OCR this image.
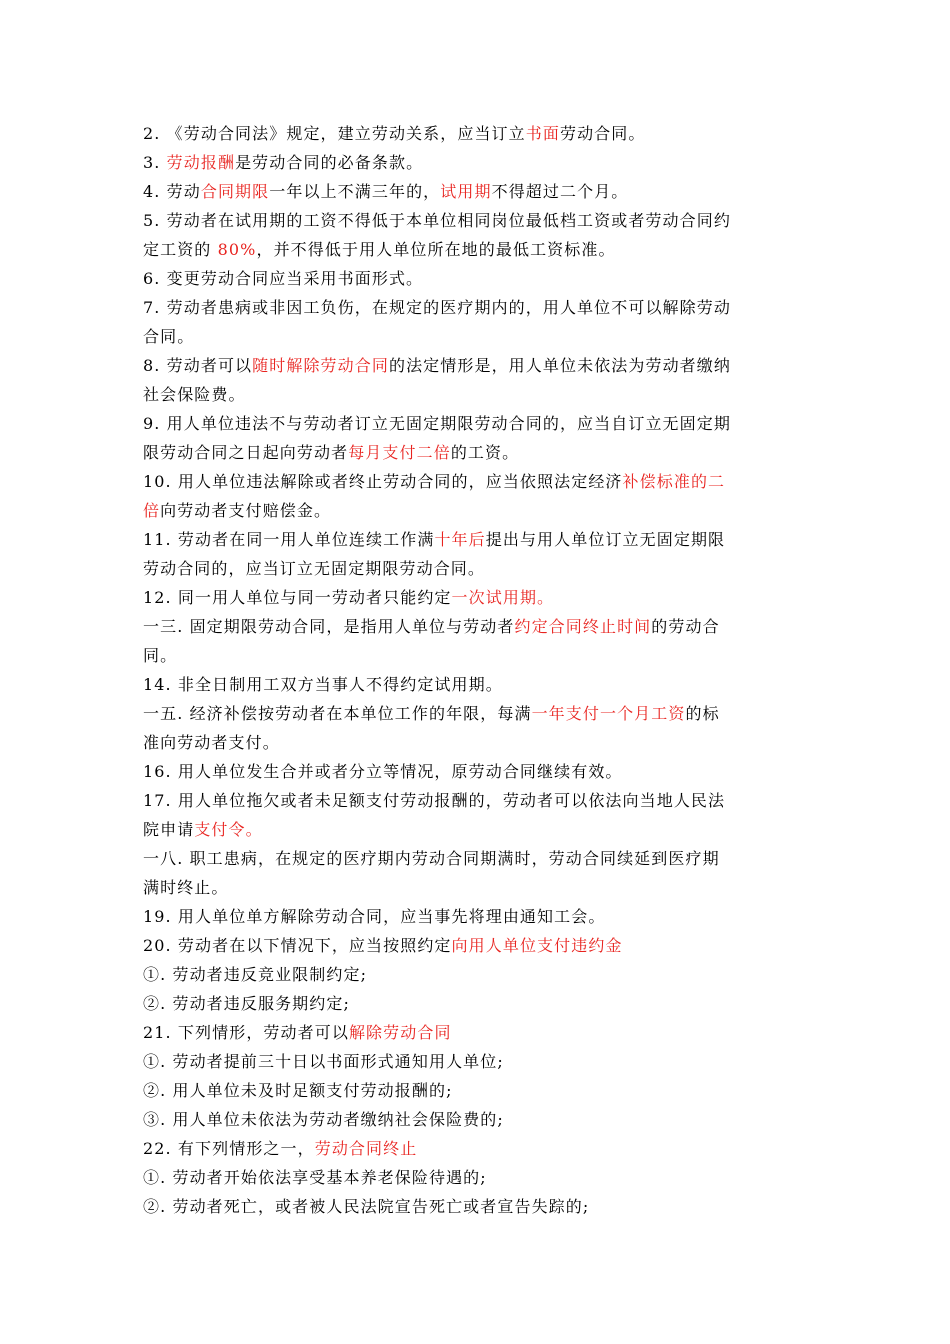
2. 《劳动合同法》规定，建立劳动关系，应当订立书面劳动合同。
3. 劳动报酬是劳动合同的必备条款。
4. 劳动合同期限一年以上不满三年的，试用期不得超过二个月。
5. 劳动者在试用期的工资不得低于本单位相同岗位最低档工资或者劳动合同约
定工资的 80%，并不得低于用人单位所在地的最低工资标准。
6. 变更劳动合同应当采用书面形式。
7. 劳动者患病或非因工负伤，在规定的医疗期内的，用人单位不可以解除劳动
合同。
8. 劳动者可以随时解除劳动合同的法定情形是，用人单位未依法为劳动者缴纳
社会保险费。
9. 用人单位违法不与劳动者订立无固定期限劳动合同的，应当自订立无固定期
限劳动合同之日起向劳动者每月支付二倍的工资。
10. 用人单位违法解除或者终止劳动合同的，应当依照法定经济补偿标准的二
倍向劳动者支付赔偿金。
11. 劳动者在同一用人单位连续工作满十年后提出与用人单位订立无固定期限
劳动合同的，应当订立无固定期限劳动合同。
12. 同一用人单位与同一劳动者只能约定一次试用期。
一三. 固定期限劳动合同，是指用人单位与劳动者约定合同终止时间的劳动合
同。
14. 非全日制用工双方当事人不得约定试用期。
一五. 经济补偿按劳动者在本单位工作的年限，每满一年支付一个月工资的标
准向劳动者支付。
16. 用人单位发生合并或者分立等情况，原劳动合同继续有效。
17. 用人单位拖欠或者未足额支付劳动报酬的，劳动者可以依法向当地人民法
院申请支付令。
一八. 职工患病，在规定的医疗期内劳动合同期满时，劳动合同续延到医疗期
满时终止。
19. 用人单位单方解除劳动合同，应当事先将理由通知工会。
20. 劳动者在以下情况下，应当按照约定向用人单位支付违约金
①. 劳动者违反竞业限制约定;
②. 劳动者违反服务期约定;
21. 下列情形，劳动者可以解除劳动合同
①. 劳动者提前三十日以书面形式通知用人单位;
②. 用人单位未及时足额支付劳动报酬的;
③. 用人单位未依法为劳动者缴纳社会保险费的;
22. 有下列情形之一，劳动合同终止
①. 劳动者开始依法享受基本养老保险待遇的;
②. 劳动者死亡，或者被人民法院宣告死亡或者宣告失踪的;
